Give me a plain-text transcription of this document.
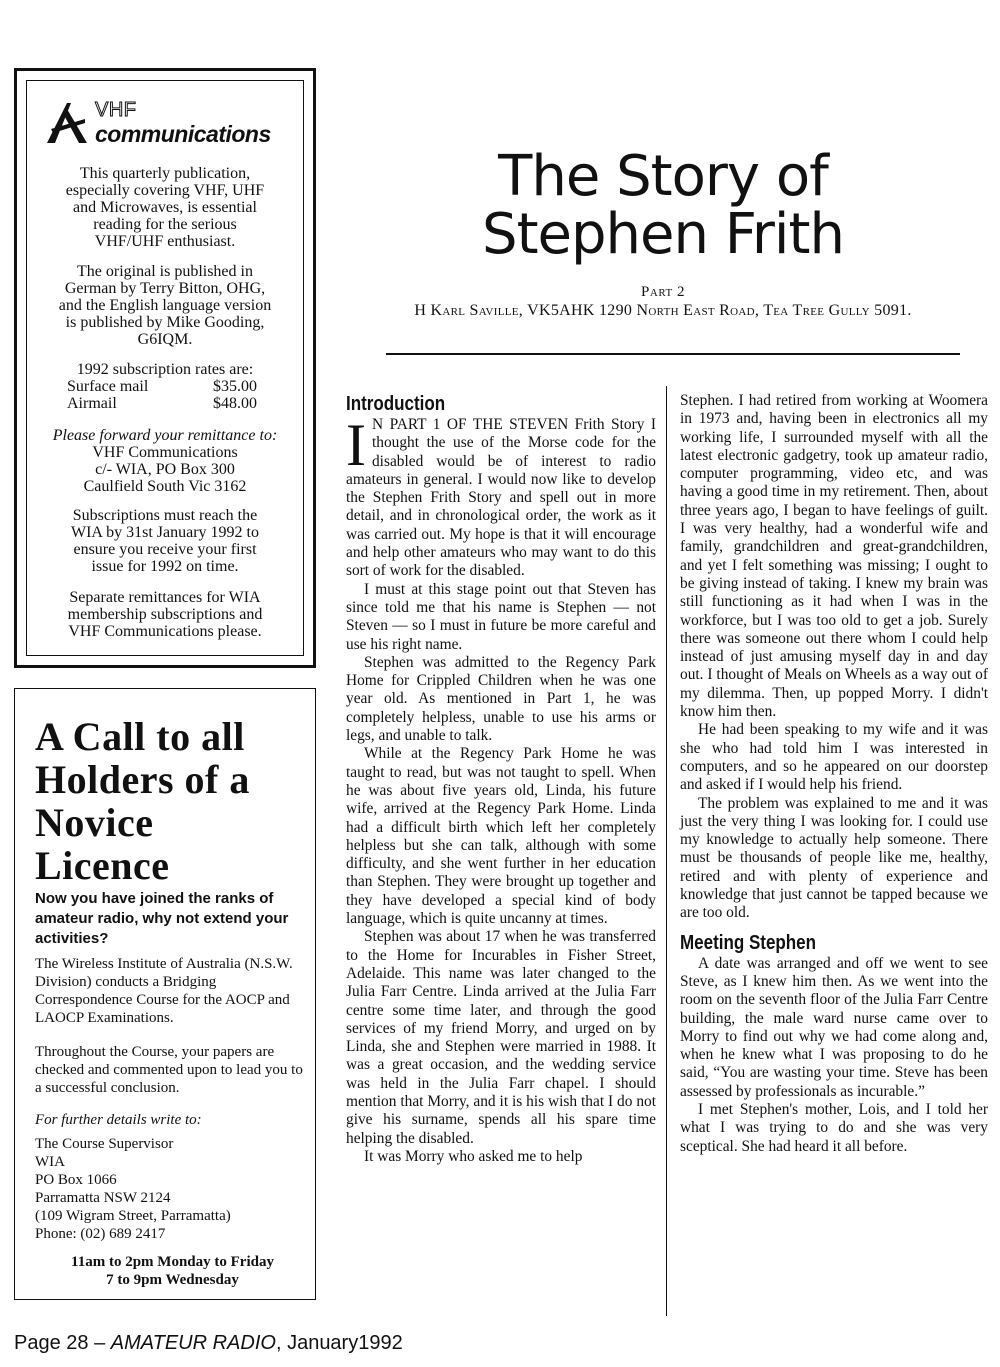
VHF
communications
This quarterly publication,
especially covering VHF, UHF
and Microwaves, is essential
reading for the serious
VHF/UHF enthusiast.
The original is published in
German by Terry Bitton, OHG,
and the English language version
is published by Mike Gooding,
G6IQM.
1992 subscription rates are:
Surface mail	$35.00
Airmail	$48.00
Please forward your remittance to:
VHF Communications
c/- WIA, PO Box 300
Caulfield South Vic 3162
Subscriptions must reach the
WIA by 31st January 1992 to
ensure you receive your first
issue for 1992 on time.
Separate remittances for WIA
membership subscriptions and
VHF Communications please.
A Call to all
Holders of a
Novice
Licence
Now you have joined the ranks of amateur radio, why not extend your activities?
The Wireless Institute of Australia (N.S.W. Division) conducts a Bridging Correspondence Course for the AOCP and LAOCP Examinations.
Throughout the Course, your papers are checked and commented upon to lead you to a successful conclusion.
For further details write to:
The Course Supervisor
WIA
PO Box 1066
Parramatta NSW 2124
(109 Wigram Street, Parramatta)
Phone: (02) 689 2417
11am to 2pm Monday to Friday
7 to 9pm Wednesday
The Story of
Stephen Frith
Part 2
H Karl Saville, VK5AHK 1290 North East Road, Tea Tree Gully 5091.
Introduction

I N PART 1 OF THE STEVEN Frith Story I thought the use of the Morse code for the disabled would be of interest to radio amateurs in general. I would now like to develop the Stephen Frith Story and spell out in more detail, and in chronological order, the work as it was carried out. My hope is that it will encourage and help other amateurs who may want to do this sort of work for the disabled.

I must at this stage point out that Steven has since told me that his name is Stephen — not Steven — so I must in future be more careful and use his right name.

Stephen was admitted to the Regency Park Home for Crippled Children when he was one year old. As mentioned in Part 1, he was completely helpless, unable to use his arms or legs, and unable to talk.

While at the Regency Park Home he was taught to read, but was not taught to spell. When he was about five years old, Linda, his future wife, arrived at the Regency Park Home. Linda had a difficult birth which left her completely helpless but she can talk, although with some difficulty, and she went further in her education than Stephen. They were brought up together and they have developed a special kind of body language, which is quite uncanny at times.

Stephen was about 17 when he was transferred to the Home for Incurables in Fisher Street, Adelaide. This name was later changed to the Julia Farr Centre. Linda arrived at the Julia Farr centre some time later, and through the good services of my friend Morry, and urged on by Linda, she and Stephen were married in 1988. It was a great occasion, and the wedding service was held in the Julia Farr chapel. I should mention that Morry, and it is his wish that I do not give his surname, spends all his spare time helping the disabled.

It was Morry who asked me to help

Stephen. I had retired from working at Woomera in 1973 and, having been in electronics all my working life, I surrounded myself with all the latest electronic gadgetry, took up amateur radio, computer programming, video etc, and was having a good time in my retirement. Then, about three years ago, I began to have feelings of guilt. I was very healthy, had a wonderful wife and family, grandchildren and great-grandchildren, and yet I felt something was missing; I ought to be giving instead of taking. I knew my brain was still functioning as it had when I was in the workforce, but I was too old to get a job. Surely there was someone out there whom I could help instead of just amusing myself day in and day out. I thought of Meals on Wheels as a way out of my dilemma. Then, up popped Morry. I didn't know him then.

He had been speaking to my wife and it was she who had told him I was interested in computers, and so he appeared on our doorstep and asked if I would help his friend.

The problem was explained to me and it was just the very thing I was looking for. I could use my knowledge to actually help someone. There must be thousands of people like me, healthy, retired and with plenty of experience and knowledge that just cannot be tapped because we are too old.

Meeting Stephen

A date was arranged and off we went to see Steve, as I knew him then. As we went into the room on the seventh floor of the Julia Farr Centre building, the male ward nurse came over to Morry to find out why we had come along and, when he knew what I was proposing to do he said, “You are wasting your time. Steve has been assessed by professionals as incurable.”

I met Stephen's mother, Lois, and I told her what I was trying to do and she was very sceptical. She had heard it all before.

Page 28 – AMATEUR RADIO, January1992
